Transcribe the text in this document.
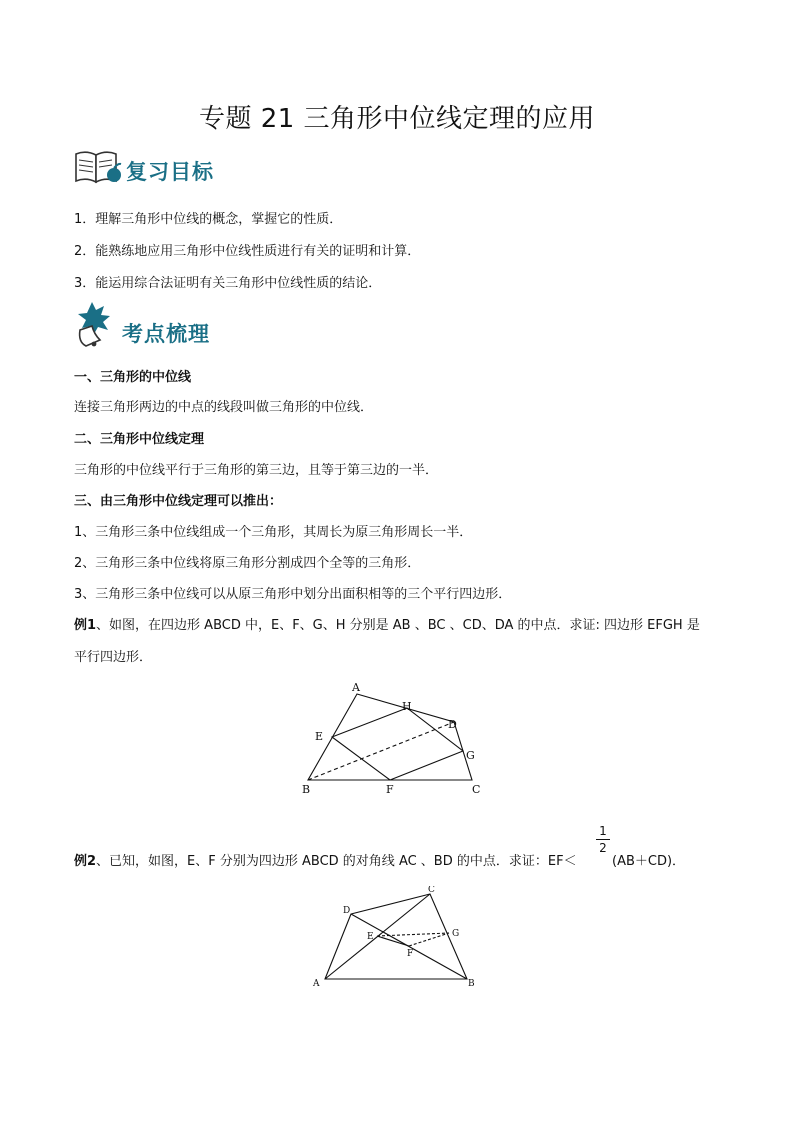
专题 21 三角形中位线定理的应用
复习目标
1．理解三角形中位线的概念，掌握它的性质．
2．能熟练地应用三角形中位线性质进行有关的证明和计算．
3．能运用综合法证明有关三角形中位线性质的结论．
考点梳理
一、三角形的中位线
连接三角形两边的中点的线段叫做三角形的中位线．
二、三角形中位线定理
三角形的中位线平行于三角形的第三边，且等于第三边的一半．
三、由三角形中位线定理可以推出：
1、三角形三条中位线组成一个三角形，其周长为原三角形周长一半．
2、三角形三条中位线将原三角形分割成四个全等的三角形．
3、三角形三条中位线可以从原三角形中划分出面积相等的三个平行四边形．
例1、如图，在四边形 ABCD 中，E、F、G、H 分别是 AB 、BC 、CD、DA 的中点．求证: 四边形 EFGH 是
平行四边形．
A
H
D
E
G
B	F	C
例2、已知，如图，E、F 分别为四边形 ABCD 的对角线 AC 、BD 的中点．求证：EF＜
1
2
(AB＋CD)．
C
D
E	G
F
A	B
